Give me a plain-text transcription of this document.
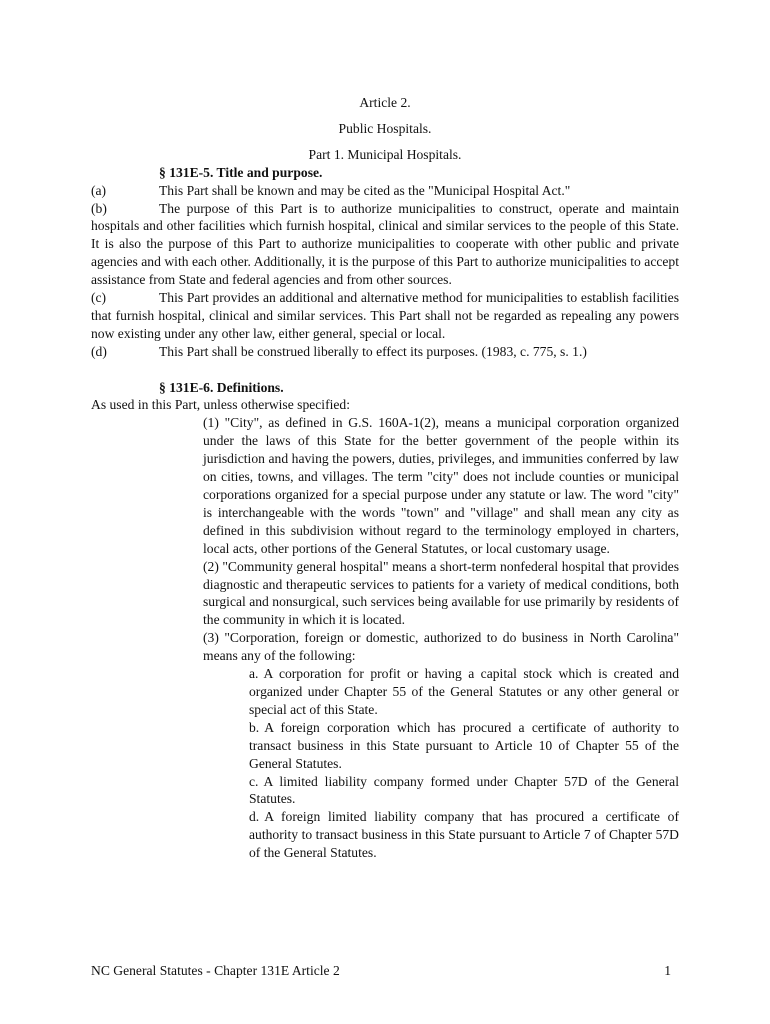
Article 2.
Public Hospitals.
Part 1. Municipal Hospitals.
§ 131E-5. Title and purpose.
(a)	This Part shall be known and may be cited as the "Municipal Hospital Act."
(b)	The purpose of this Part is to authorize municipalities to construct, operate and maintain hospitals and other facilities which furnish hospital, clinical and similar services to the people of this State. It is also the purpose of this Part to authorize municipalities to cooperate with other public and private agencies and with each other. Additionally, it is the purpose of this Part to authorize municipalities to accept assistance from State and federal agencies and from other sources.
(c)	This Part provides an additional and alternative method for municipalities to establish facilities that furnish hospital, clinical and similar services. This Part shall not be regarded as repealing any powers now existing under any other law, either general, special or local.
(d)	This Part shall be construed liberally to effect its purposes. (1983, c. 775, s. 1.)
§ 131E-6. Definitions.
As used in this Part, unless otherwise specified:
(1) "City", as defined in G.S. 160A-1(2), means a municipal corporation organized under the laws of this State for the better government of the people within its jurisdiction and having the powers, duties, privileges, and immunities conferred by law on cities, towns, and villages. The term "city" does not include counties or municipal corporations organized for a special purpose under any statute or law. The word "city" is interchangeable with the words "town" and "village" and shall mean any city as defined in this subdivision without regard to the terminology employed in charters, local acts, other portions of the General Statutes, or local customary usage.
(2) "Community general hospital" means a short-term nonfederal hospital that provides diagnostic and therapeutic services to patients for a variety of medical conditions, both surgical and nonsurgical, such services being available for use primarily by residents of the community in which it is located.
(3) "Corporation, foreign or domestic, authorized to do business in North Carolina" means any of the following:
a. A corporation for profit or having a capital stock which is created and organized under Chapter 55 of the General Statutes or any other general or special act of this State.
b. A foreign corporation which has procured a certificate of authority to transact business in this State pursuant to Article 10 of Chapter 55 of the General Statutes.
c. A limited liability company formed under Chapter 57D of the General Statutes.
d. A foreign limited liability company that has procured a certificate of authority to transact business in this State pursuant to Article 7 of Chapter 57D of the General Statutes.
NC General Statutes - Chapter 131E Article 2	1
